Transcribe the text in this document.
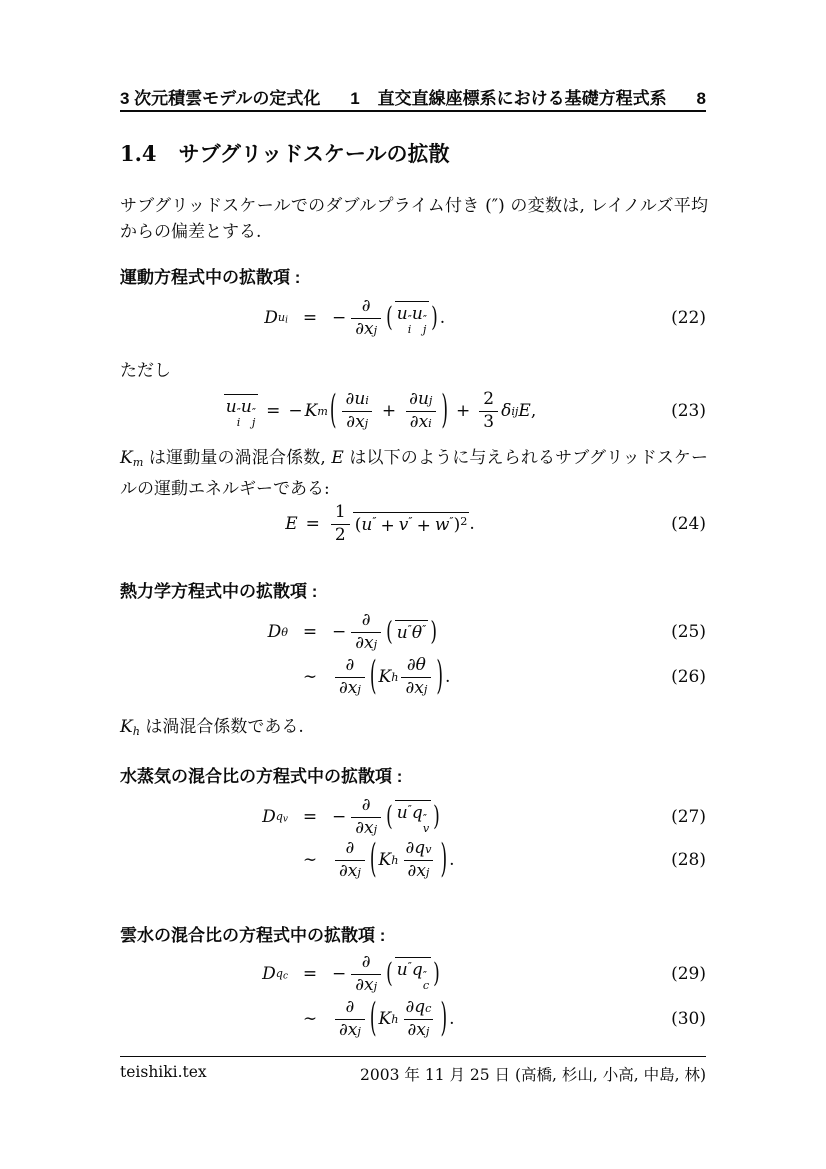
3 次元積雲モデルの定式化 1 直交直線座標系における基礎方程式系 8
1.4 サブグリッドスケールの拡散
サブグリッドスケールでのダブルプライム付き (″) の変数は, レイノルズ平均からの偏差とする.
運動方程式中の拡散項 :
D ui = −
∂
∂ x j ( u ″
i
u ″
j ) .	(22)
ただし
u ″
i
u ″
j
= − K m ( $\frac{\text{∂ u i}}{\text{∂ x j}} + \frac{\text{∂ u j}}{\text{∂ x i}}$ ) + $\frac{2}{3}$ δ ij E ,	(23)
Km は運動量の渦混合係数, E は以下のように与えられるサブグリッドスケールの運動エネルギーである:
$E = \frac{1}{2} (u'' + v'' + w'')^2$ .	(24)
熱力学方程式中の拡散項 :
D θ = −
∂
∂ x j ( u″θ″ )	(25)
∼
∂
∂ x j ( K h $\frac{\partial \theta}{\text{∂ x j}}$ ) .	(26)
Kh は渦混合係数である.
水蒸気の混合比の方程式中の拡散項 :
D qv = −
∂
∂ x j ( u″q ″
v )	(27)
∼
∂
∂ x j ( K h $\frac{\text{∂ q v}}{\text{∂ x j}}$ ) .	(28)
雲水の混合比の方程式中の拡散項 :
D qc = −
∂
∂ x j ( u″q ″
c )	(29)
∼
∂
∂ x j ( K h $\frac{\text{∂ q c}}{\text{∂ x j}}$ ) .	(30)
teishiki.tex	2003 年 11 月 25 日 (高橋, 杉山, 小高, 中島, 林)
